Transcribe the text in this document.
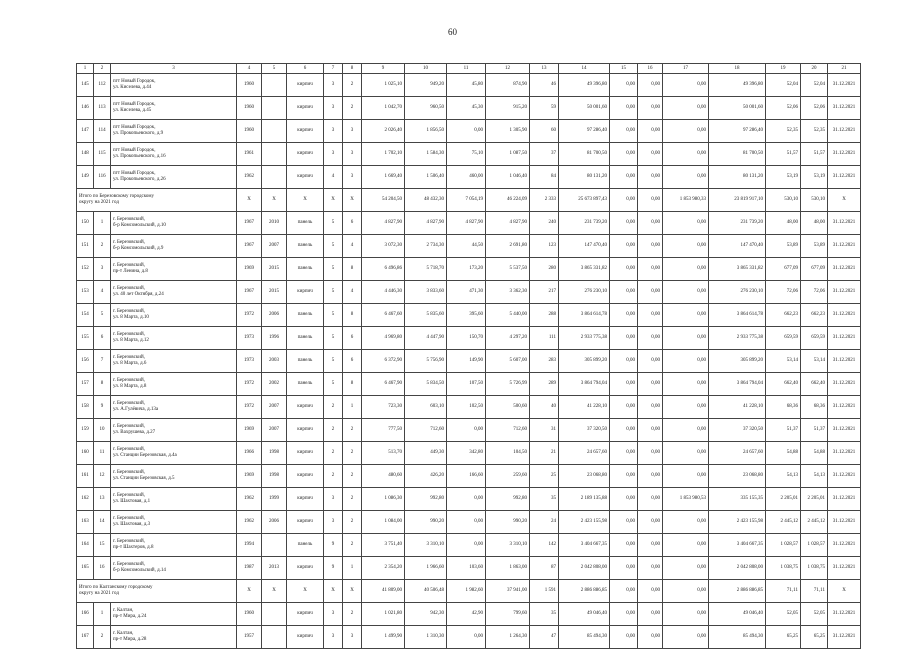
60
1	2	3	4	5	6	7	8	9	10	11	12	13	14	15	16	17	18	19	20	21
145	112	пгт Новый Городок,
ул. Киселева, д.44	1960		кирпич	3	2	1 025,10	949,20	45,80	874,90	46	49 396,80	0,00	0,00	0,00	49 396,80	52,04	52,04	31.12.2021
146	113	пгт Новый Городок,
ул. Киселева, д.45	1960		кирпич	3	2	1 042,70	960,50	45,30	915,20	59	50 001,60	0,00	0,00	0,00	50 001,60	52,06	52,06	31.12.2021
147	114	пгт Новый Городок,
ул. Прокопьевского, д.9	1960		кирпич	3	3	2 026,40	1 856,50	0,00	1 305,90	60	97 286,40	0,00	0,00	0,00	97 286,40	52,35	52,35	31.12.2021
148	115	пгт Новый Городок,
ул. Прокопьевского, д.16	1961		кирпич	3	3	1 702,10	1 584,30	75,10	1 087,50	37	81 700,50	0,00	0,00	0,00	81 700,50	51,57	51,57	31.12.2021
149	116	пгт Новый Городок,
ул. Прокопьевского, д.26	1962		кирпич	4	3	1 669,40	1 506,40	460,00	1 046,40	84	80 131,20	0,00	0,00	0,00	80 131,20	53,19	53,19	31.12.2021

Итого по Березовскому городскому
округу на 2021 год			X	X	X	X	X	54 204,50	48 432,30	7 054,19	46 224,09	2 333	25 673 897,43	0,00	0,00	1 853 980,33	23 819 917,10	530,10	530,10	X
150	1	г. Березовский,
б-р Комсомольский, д.10	1967	2010	панель	5	6	4 827,90	4 827,90	4 827,90	4 827,90	240	231 739,20	0,00	0,00	0,00	231 739,20	48,00	48,00	31.12.2021
151	2	г. Березовский,
б-р Комсомольский, д.9	1967	2007	панель	5	4	3 072,30	2 734,30	44,50	2 691,80	123	147 470,40	0,00	0,00	0,00	147 470,40	53,89	53,89	31.12.2021
152	3	г. Березовский,
пр-т Ленина, д.8	1969	2015	панель	5	8	6 496,86	5 718,70	173,20	5 537,50	280	3 865 331,82	0,00	0,00	0,00	3 865 331,82	677,09	677,09	31.12.2021
153	4	г. Березовский,
ул. 40 лет Октября, д.24	1967	2015	кирпич	5	4	4 446,30	3 833,60	471,30	3 362,30	217	276 230,10	0,00	0,00	0,00	276 230,10	72,06	72,06	31.12.2021
154	5	г. Березовский,
ул. 8 Марта, д.10	1972	2006	панель	5	8	6 467,60	5 835,60	395,60	5 440,00	288	3 864 614,78	0,00	0,00	0,00	3 864 614,78	662,23	662,23	31.12.2021
155	6	г. Березовский,
ул. 8 Марта, д.12	1973	1996	панель	5	6	4 969,80	4 447,90	150,70	4 297,20	111	2 933 775,38	0,00	0,00	0,00	2 933 775,38	659,59	659,59	31.12.2021
156	7	г. Березовский,
ул. 8 Марта, д.6	1973	2003	панель	5	6	6 372,90	5 756,90	149,90	5 607,00	283	305 899,20	0,00	0,00	0,00	305 899,20	53,14	53,14	31.12.2021
157	8	г. Березовский,
ул. 8 Марта, д.8	1972	2002	панель	5	8	6 467,90	5 834,50	107,50	5 726,99	289	3 864 794,04	0,00	0,00	0,00	3 864 794,04	662,40	662,40	31.12.2021
158	9	г. Березовский,
ул. А.Гулёвича, д.13а	1972	2007	кирпич	2	1	723,30	603,10	102,50	500,60	40	41 228,10	0,00	0,00	0,00	41 228,10	68,36	68,36	31.12.2021
159	10	г. Березовский,
ул. Вахрушева, д.27	1969	2007	кирпич	2	2	777,50	712,60	0,00	712,60	31	37 320,50	0,00	0,00	0,00	37 320,50	51,37	51,37	31.12.2021
160	11	г. Березовский,
ул. Станции Березовская, д.4а	1966	1998	кирпич	2	2	513,70	449,30	342,80	104,50	21	24 657,60	0,00	0,00	0,00	24 657,60	54,88	54,88	31.12.2021
161	12	г. Березовский,
ул. Станции Березовская, д.5	1969	1998	кирпич	2	2	480,60	426,20	166,60	259,60	25	23 068,80	0,00	0,00	0,00	23 068,80	54,13	54,13	31.12.2021
162	13	г. Березовский,
ул. Шахтовая, д.1	1962	1999	кирпич	3	2	1 086,30	992,80	0,00	992,80	35	2 189 135,88	0,00	0,00	1 853 980,53	335 155,35	2 205,01	2 205,01	31.12.2021
163	14	г. Березовский,
ул. Шахтовая, д.3	1962	2006	кирпич	3	2	1 084,00	990,20	0,00	990,20	24	2 423 155,98	0,00	0,00	0,00	2 423 155,98	2 445,12	2 445,12	31.12.2021
164	15	г. Березовский,
пр-т Шахтеров, д.8	1994		панель	9	2	3 751,40	3 310,10	0,00	3 310,10	142	3 404 667,35	0,00	0,00	0,00	3 404 667,35	1 028,57	1 028,57	31.12.2021
165	16	г. Березовский,
б-р Комсомольский, д.14	1987	2013	кирпич	9	1	2 354,20	1 966,60	103,60	1 863,00	87	2 042 808,00	0,00	0,00	0,00	2 042 808,00	1 038,75	1 038,75	31.12.2021

Итого по Калтанскому городскому
округу на 2021 год			X	X	X	X	X	41 809,00	40 506,48	1 982,60	37 941,00	1 591	2 886 886,85	0,00	0,00	0,00	2 886 886,85	71,11	71,11	X
166	1	г. Калтан,
пр-т Мира, д.24	1960		кирпич	3	2	1 021,80	942,30	42,90	799,60	35	49 046,40	0,00	0,00	0,00	49 046,40	52,05	52,05	31.12.2021
167	2	г. Калтан,
пр-т Мира, д.28	1957		кирпич	3	3	1 499,90	1 310,30	0,00	1 264,30	47	85 494,30	0,00	0,00	0,00	85 494,30	65,25	65,25	31.12.2021
